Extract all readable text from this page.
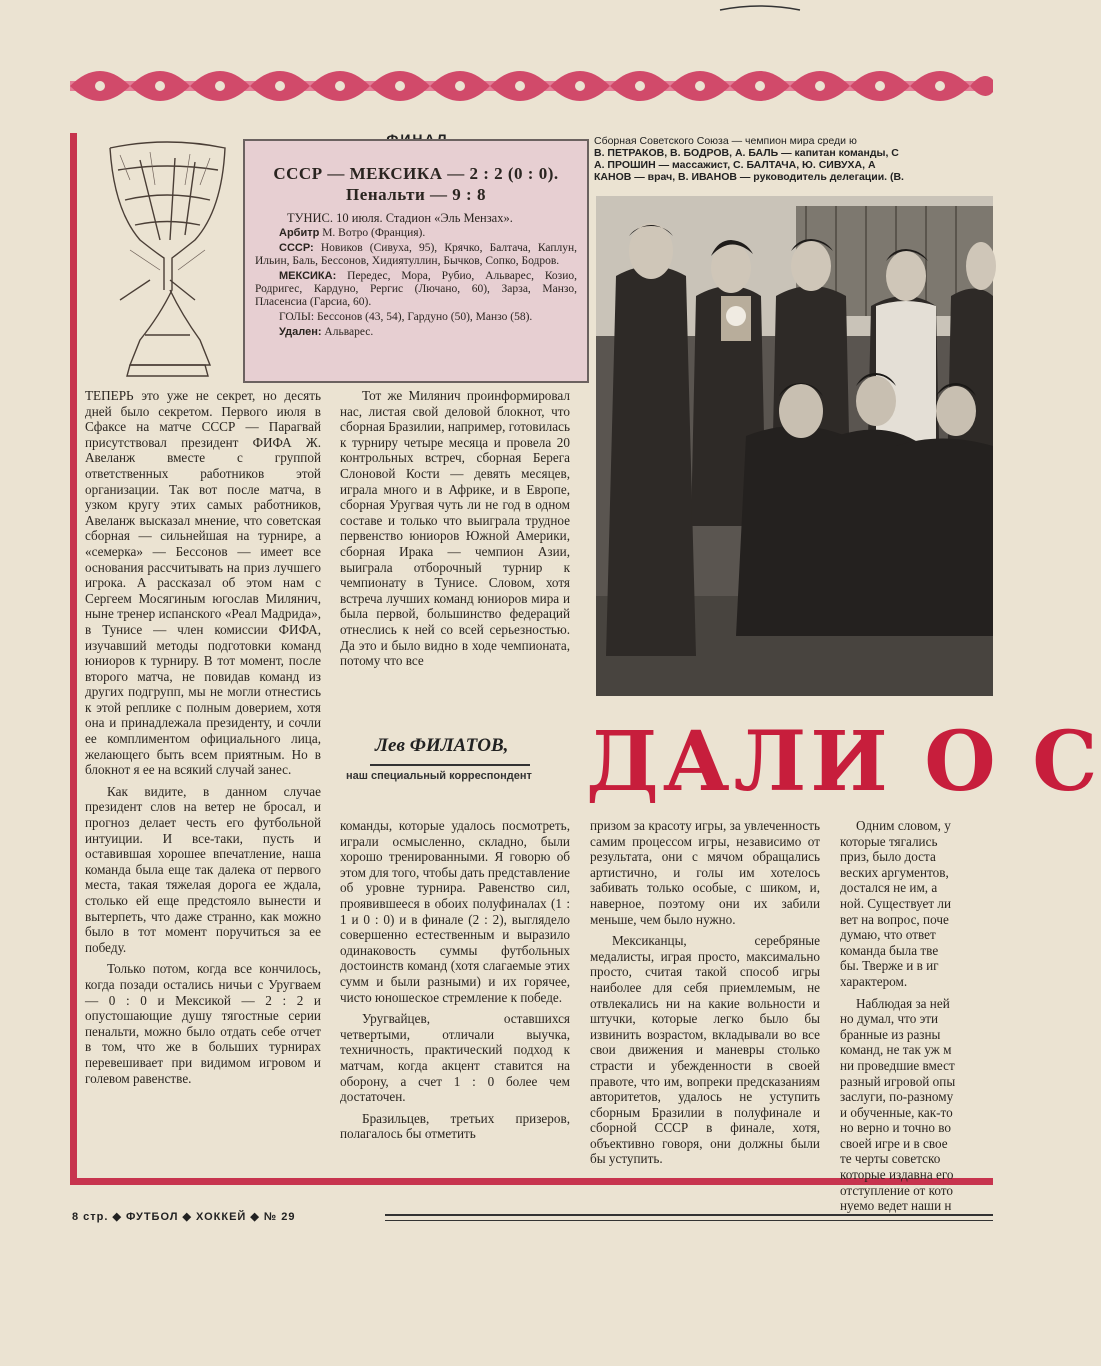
СССР — МЕКСИКА — 2 : 2 (0 : 0).
Пенальти — 9 : 8
ТУНИС. 10 июля. Стадион «Эль Мензах».
Арбитр М. Вотро (Франция).
СССР: Новиков (Сивуха, 95), Крячко, Балтача, Каплун, Ильин, Баль, Бессонов, Хидиятуллин, Бычков, Сопко, Бодров.
МЕКСИКА: Передес, Мора, Рубио, Альварес, Козио, Родригес, Кардуно, Рергис (Лючано, 60), Зарза, Манзо, Пласенсиа (Гарсиа, 60).
ГОЛЫ: Бессонов (43, 54), Гардуно (50), Манзо (58).
Удален: Альварес.
Сборная Советского Союза — чемпион мира среди ю
В. ПЕТРАКОВ, В. БОДРОВ, А. БАЛЬ — капитан команды, С
А. ПРОШИН — массажист, С. БАЛТАЧА, Ю. СИВУХА, А
КАНОВ — врач, В. ИВАНОВ — руководитель делегации. (В.
ДАЛИ О С
Лев ФИЛАТОВ,
наш специальный корреспондент

ТЕПЕРЬ это уже не секрет, но десять дней было секретом. Первого июля в Сфаксе на матче СССР — Парагвай присутствовал президент ФИФА Ж. Авеланж вместе с группой ответственных работников этой организации. Так вот после матча, в узком кругу этих самых работников, Авеланж высказал мнение, что советская сборная — сильнейшая на турнире, а «семерка» — Бессонов — имеет все основания рассчитывать на приз лучшего игрока. А рассказал об этом нам с Сергеем Мосягиным югослав Милянич, ныне тренер испанского «Реал Мадрида», в Тунисе — член комиссии ФИФА, изучавший методы подготовки команд юниоров к турниру. В тот момент, после второго матча, не повидав команд из других подгрупп, мы не могли отнестись к этой реплике с полным доверием, хотя она и принадлежала президенту, и сочли ее комплиментом официального лица, желающего быть всем приятным. Но в блокнот я ее на всякий случай занес.

Как видите, в данном случае президент слов на ветер не бросал, и прогноз делает честь его футбольной интуиции. И все-таки, пусть и оставившая хорошее впечатление, наша команда была еще так далека от первого места, такая тяжелая дорога ее ждала, столько ей еще предстояло вынести и вытерпеть, что даже странно, как можно было в тот момент поручиться за ее победу.

Только потом, когда все кончилось, когда позади остались ничьи с Уругваем — 0 : 0 и Мексикой — 2 : 2 и опустошающие душу тягостные серии пенальти, можно было отдать себе отчет в том, что же в больших турнирах перевешивает при видимом игровом и голевом равенстве.

Тот же Милянич проинформировал нас, листая свой деловой блокнот, что сборная Бразилии, например, готовилась к турниру четыре месяца и провела 20 контрольных встреч, сборная Берега Слоновой Кости — девять месяцев, играла много и в Африке, и в Европе, сборная Уругвая чуть ли не год в одном составе и только что выиграла трудное первенство юниоров Южной Америки, сборная Ирака — чемпион Азии, выиграла отборочный турнир к чемпионату в Тунисе. Словом, хотя встреча лучших команд юниоров мира и была первой, большинство федераций отнеслись к ней со всей серьезностью. Да это и было видно в ходе чемпионата, потому что все

команды, которые удалось посмотреть, играли осмысленно, складно, были хорошо тренированными. Я говорю об этом для того, чтобы дать представление об уровне турнира. Равенство сил, проявившееся в обоих полуфиналах (1 : 1 и 0 : 0) и в финале (2 : 2), выглядело совершенно естественным и выразило одинаковость суммы футбольных достоинств команд (хотя слагаемые этих сумм и были разными) и их горячее, чисто юношеское стремление к победе.

Уругвайцев, оставшихся четвертыми, отличали выучка, техничность, практический подход к матчам, когда акцент ставится на оборону, а счет 1 : 0 более чем достаточен.

Бразильцев, третьих призеров, полагалось бы отметить

призом за красоту игры, за увлеченность самим процессом игры, независимо от результата, они с мячом обращались артистично, и голы им хотелось забивать только особые, с шиком, и, наверное, поэтому они их забили меньше, чем было нужно.

Мексиканцы, серебряные медалисты, играя просто, максимально просто, считая такой способ игры наиболее для себя приемлемым, не отвлекались ни на какие вольности и штучки, которые легко было бы извинить возрастом, вкладывали во все свои движения и маневры столько страсти и убежденности в своей правоте, что им, вопреки предсказаниям авторитетов, удалось не уступить сборным Бразилии в полуфинале и сборной СССР в финале, хотя, объективно говоря, они должны были бы уступить.

Одним словом, у
которые тягались
приз, было доста
веских аргументов,
достался не им, а
ной. Существует ли
вет на вопрос, поче
думаю, что ответ
команда была тве
бы. Тверже и в иг
характером.
Наблюдая за ней
но думал, что эти
бранные из разны
команд, не так уж м
ни проведшие вмест
разный игровой опы
заслуги, по-разному
и обученные, как-то
но верно и точно во
своей игре и в свое
те черты советско
которые издавна его
отступление от кото
нуемо ведет наши н
8 стр. ◆ ФУТБОЛ ◆ ХОККЕЙ ◆ № 29
